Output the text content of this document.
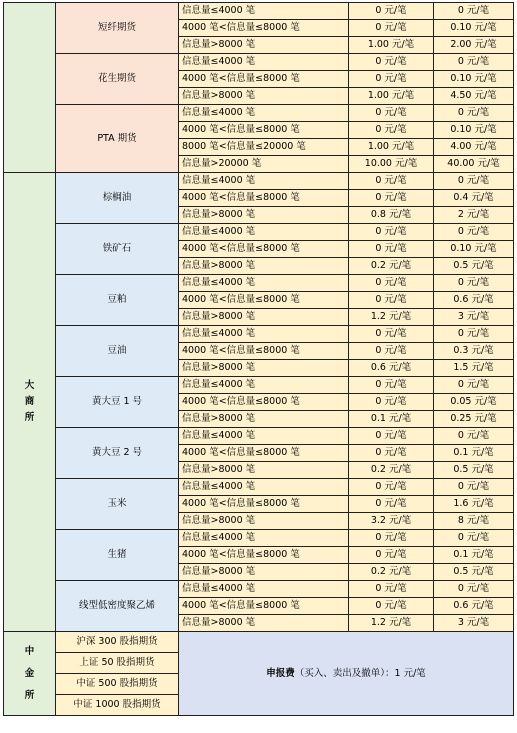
	短纤期货	信息量≤4000 笔	0 元/笔	0 元/笔
		4000 笔<信息量≤8000 笔	0 元/笔	0.10 元/笔
		信息量>8000 笔	1.00 元/笔	2.00 元/笔
	花生期货	信息量≤4000 笔	0 元/笔	0 元/笔
		4000 笔<信息量≤8000 笔	0 元/笔	0.10 元/笔
		信息量>8000 笔	1.00 元/笔	4.50 元/笔
	PTA 期货	信息量≤4000 笔	0 元/笔	0 元/笔
		4000 笔<信息量≤8000 笔	0 元/笔	0.10 元/笔
		8000 笔<信息量≤20000 笔	1.00 元/笔	4.00 元/笔
		信息量>20000 笔	10.00 元/笔	40.00 元/笔

大
商
所	棕榈油	信息量≤4000 笔	0 元/笔	0 元/笔
		4000 笔<信息量≤8000 笔	0 元/笔	0.4 元/笔
		信息量>8000 笔	0.8 元/笔	2 元/笔
	铁矿石	信息量≤4000 笔	0 元/笔	0 元/笔
		4000 笔<信息量≤8000 笔	0 元/笔	0.10 元/笔
		信息量>8000 笔	0.2 元/笔	0.5 元/笔
	豆粕	信息量≤4000 笔	0 元/笔	0 元/笔
		4000 笔<信息量≤8000 笔	0 元/笔	0.6 元/笔
		信息量>8000 笔	1.2 元/笔	3 元/笔
	豆油	信息量≤4000 笔	0 元/笔	0 元/笔
		4000 笔<信息量≤8000 笔	0 元/笔	0.3 元/笔
		信息量>8000 笔	0.6 元/笔	1.5 元/笔
	黄大豆 1 号	信息量≤4000 笔	0 元/笔	0 元/笔
		4000 笔<信息量≤8000 笔	0 元/笔	0.05 元/笔
		信息量>8000 笔	0.1 元/笔	0.25 元/笔
	黄大豆 2 号	信息量≤4000 笔	0 元/笔	0 元/笔
		4000 笔<信息量≤8000 笔	0 元/笔	0.1 元/笔
		信息量>8000 笔	0.2 元/笔	0.5 元/笔
	玉米	信息量≤4000 笔	0 元/笔	0 元/笔
		4000 笔<信息量≤8000 笔	0 元/笔	1.6 元/笔
		信息量>8000 笔	3.2 元/笔	8 元/笔
	生猪	信息量≤4000 笔	0 元/笔	0 元/笔
		4000 笔<信息量≤8000 笔	0 元/笔	0.1 元/笔
		信息量>8000 笔	0.2 元/笔	0.5 元/笔
	线型低密度聚乙烯	信息量≤4000 笔	0 元/笔	0 元/笔
		4000 笔<信息量≤8000 笔	0 元/笔	0.6 元/笔
		信息量>8000 笔	1.2 元/笔	3 元/笔

中
金
所	沪深 300 股指期货	申报费（买入、卖出及撤单）：1 元/笔		
	上证 50 股指期货			
	中证 500 股指期货			
	中证 1000 股指期货			
